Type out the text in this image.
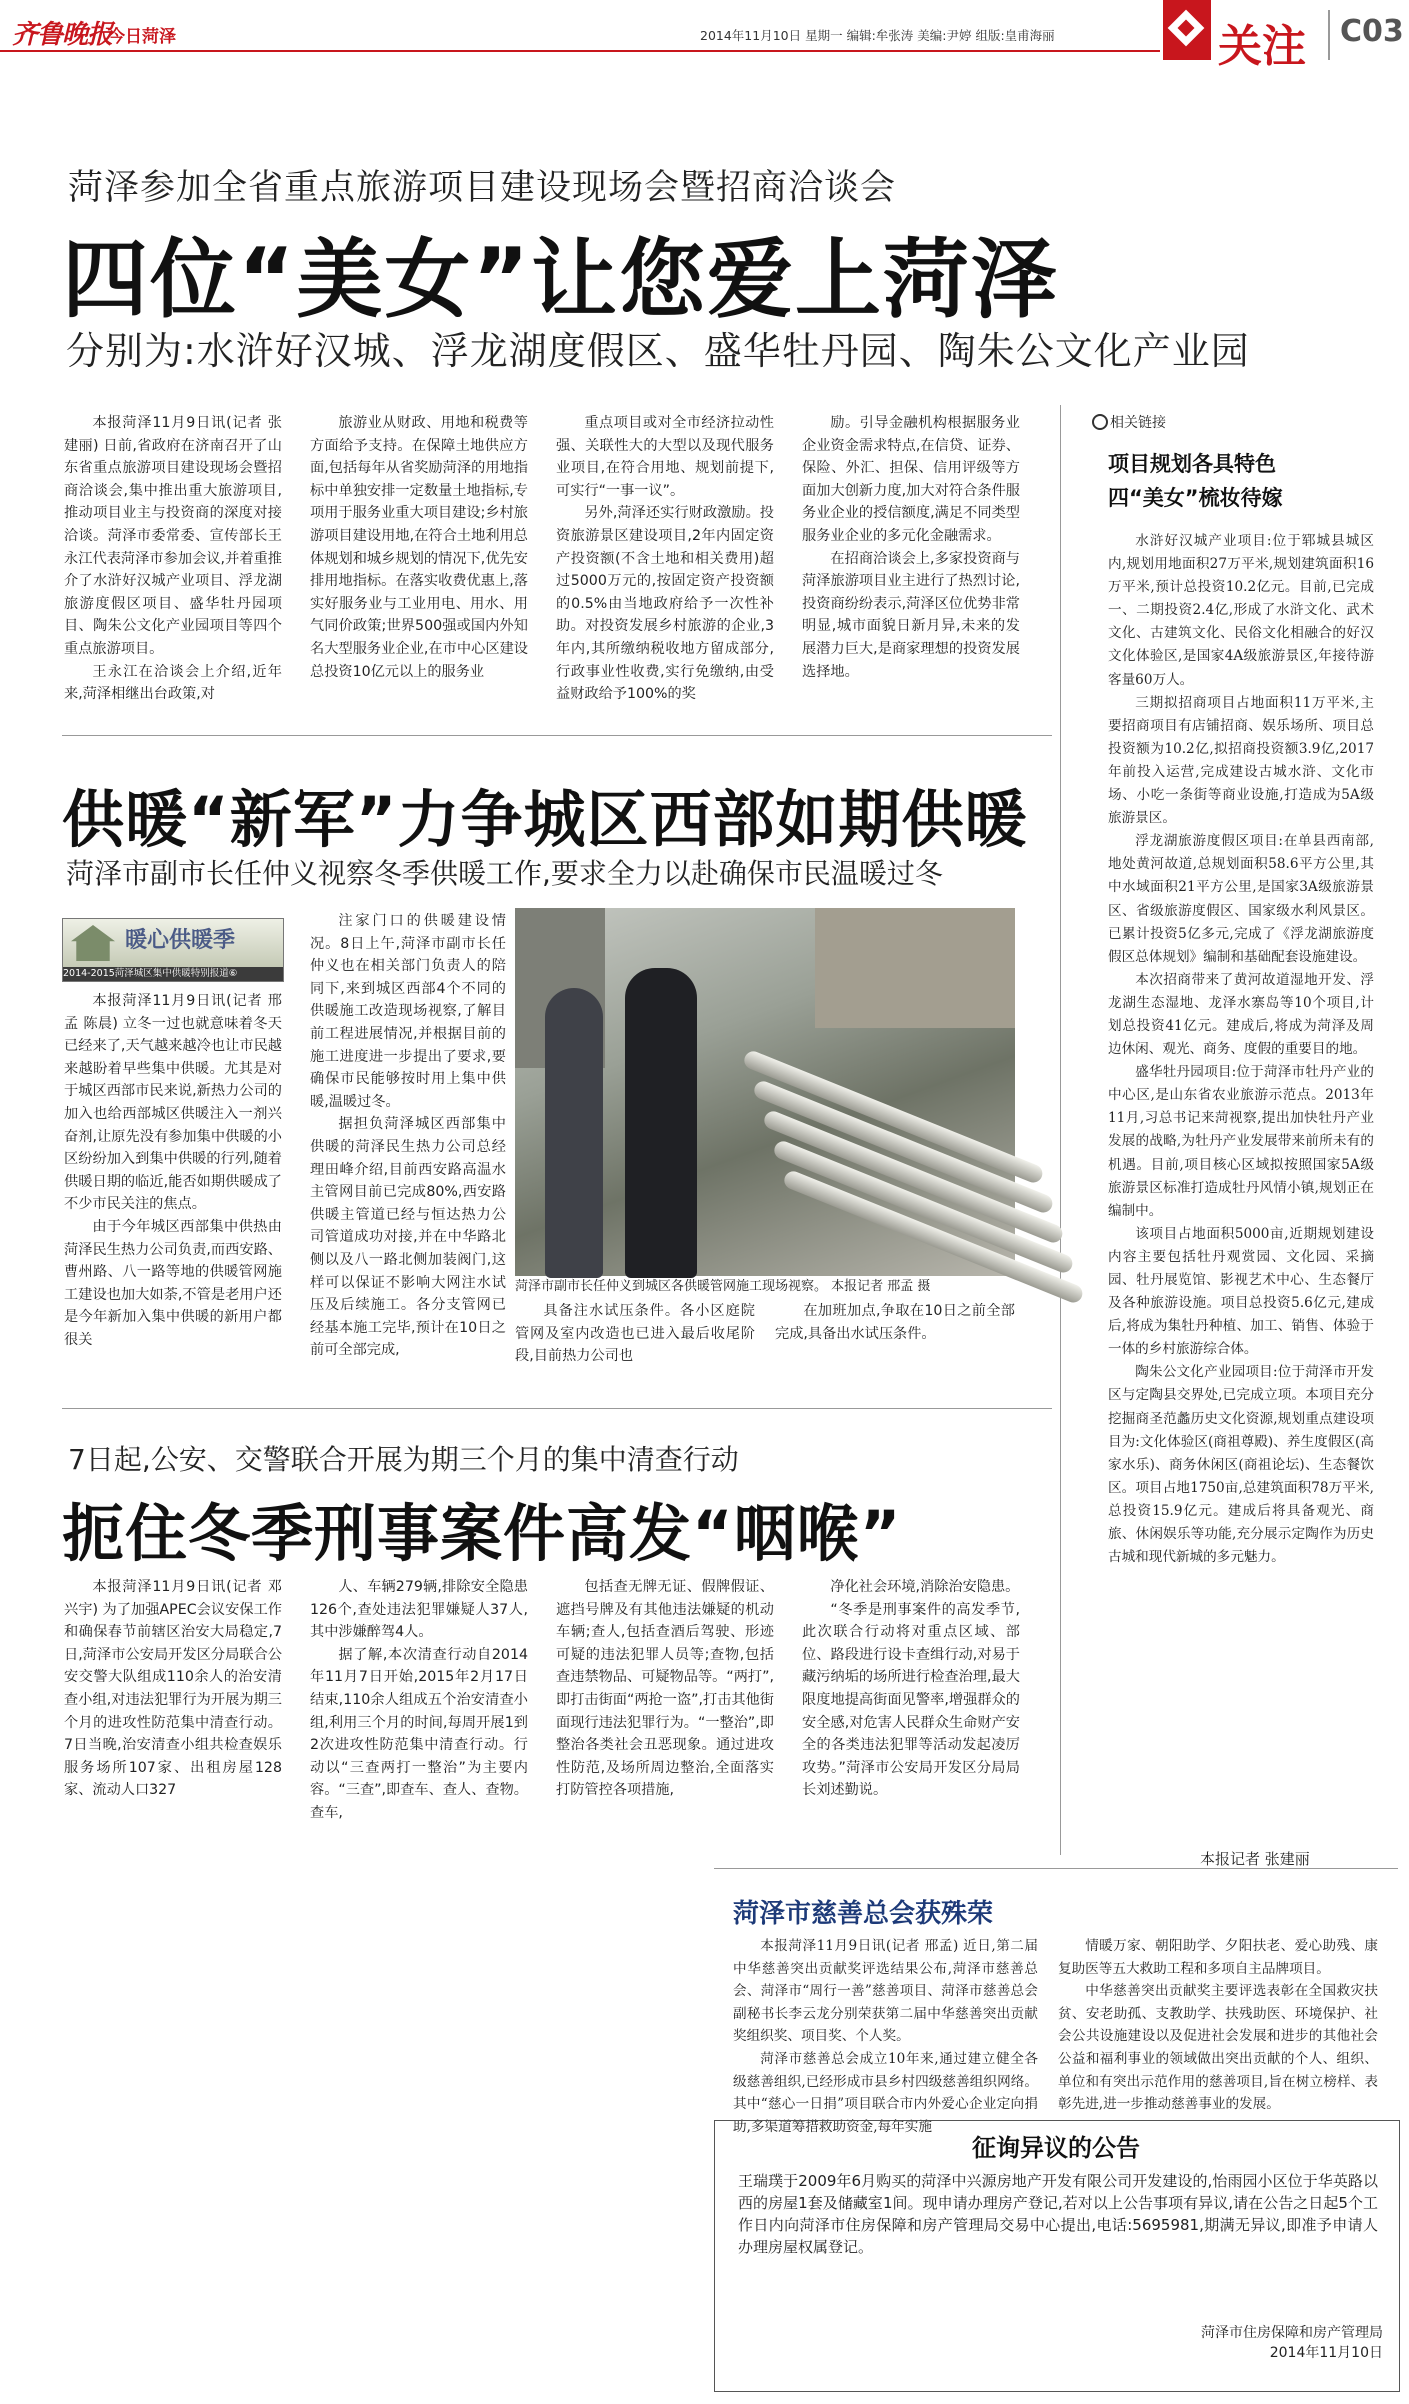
齐鲁晚报
今日菏泽	2014年11月10日 星期一 编辑:牟张涛 美编:尹婷 组版:皇甫海丽	关注 C03
菏泽参加全省重点旅游项目建设现场会暨招商洽谈会
四位“美女”让您爱上菏泽
分别为:水浒好汉城、浮龙湖度假区、盛华牡丹园、陶朱公文化产业园

本报菏泽11月9日讯(记者 张建丽) 日前,省政府在济南召开了山东省重点旅游项目建设现场会暨招商洽谈会,集中推出重大旅游项目,推动项目业主与投资商的深度对接洽谈。菏泽市委常委、宣传部长王永江代表菏泽市参加会议,并着重推介了水浒好汉城产业项目、浮龙湖旅游度假区项目、盛华牡丹园项目、陶朱公文化产业园项目等四个重点旅游项目。

王永江在洽谈会上介绍,近年来,菏泽相继出台政策,对

旅游业从财政、用地和税费等方面给予支持。在保障土地供应方面,包括每年从省奖励菏泽的用地指标中单独安排一定数量土地指标,专项用于服务业重大项目建设;乡村旅游项目建设用地,在符合土地利用总体规划和城乡规划的情况下,优先安排用地指标。在落实收费优惠上,落实好服务业与工业用电、用水、用气同价政策;世界500强或国内外知名大型服务业企业,在市中心区建设总投资10亿元以上的服务业

重点项目或对全市经济拉动性强、关联性大的大型以及现代服务业项目,在符合用地、规划前提下,可实行“一事一议”。

另外,菏泽还实行财政激励。投资旅游景区建设项目,2年内固定资产投资额(不含土地和相关费用)超过5000万元的,按固定资产投资额的0.5%由当地政府给予一次性补助。对投资发展乡村旅游的企业,3年内,其所缴纳税收地方留成部分,行政事业性收费,实行免缴纳,由受益财政给予100%的奖

励。引导金融机构根据服务业企业资金需求特点,在信贷、证券、保险、外汇、担保、信用评级等方面加大创新力度,加大对符合条件服务业企业的授信额度,满足不同类型服务业企业的多元化金融需求。

在招商洽谈会上,多家投资商与菏泽旅游项目业主进行了热烈讨论,投资商纷纷表示,菏泽区位优势非常明显,城市面貌日新月异,未来的发展潜力巨大,是商家理想的投资发展选择地。

相关链接
项目规划各具特色
四“美女”梳妆待嫁

水浒好汉城产业项目:位于郓城县城区内,规划用地面积27万平米,规划建筑面积16万平米,预计总投资10.2亿元。目前,已完成一、二期投资2.4亿,形成了水浒文化、武术文化、古建筑文化、民俗文化相融合的好汉文化体验区,是国家4A级旅游景区,年接待游客量60万人。

三期拟招商项目占地面积11万平米,主要招商项目有店铺招商、娱乐场所、项目总投资额为10.2亿,拟招商投资额3.9亿,2017年前投入运营,完成建设古城水浒、文化市场、小吃一条街等商业设施,打造成为5A级旅游景区。

浮龙湖旅游度假区项目:在单县西南部,地处黄河故道,总规划面积58.6平方公里,其中水域面积21平方公里,是国家3A级旅游景区、省级旅游度假区、国家级水利风景区。已累计投资5亿多元,完成了《浮龙湖旅游度假区总体规划》编制和基础配套设施建设。

本次招商带来了黄河故道湿地开发、浮龙湖生态湿地、龙泽水寨岛等10个项目,计划总投资41亿元。建成后,将成为菏泽及周边休闲、观光、商务、度假的重要目的地。

盛华牡丹园项目:位于菏泽市牡丹产业的中心区,是山东省农业旅游示范点。2013年11月,习总书记来菏视察,提出加快牡丹产业发展的战略,为牡丹产业发展带来前所未有的机遇。目前,项目核心区域拟按照国家5A级旅游景区标准打造成牡丹风情小镇,规划正在编制中。

该项目占地面积5000亩,近期规划建设内容主要包括牡丹观赏园、文化园、采摘园、牡丹展览馆、影视艺术中心、生态餐厅及各种旅游设施。项目总投资5.6亿元,建成后,将成为集牡丹种植、加工、销售、体验于一体的乡村旅游综合体。

陶朱公文化产业园项目:位于菏泽市开发区与定陶县交界处,已完成立项。本项目充分挖掘商圣范蠡历史文化资源,规划重点建设项目为:文化体验区(商祖尊殿)、养生度假区(高家水乐)、商务休闲区(商祖论坛)、生态餐饮区。项目占地1750亩,总建筑面积78万平米,总投资15.9亿元。建成后将具备观光、商旅、休闲娱乐等功能,充分展示定陶作为历史古城和现代新城的多元魅力。

本报记者 张建丽
供暖“新军”力争城区西部如期供暖
菏泽市副市长任仲义视察冬季供暖工作,要求全力以赴确保市民温暖过冬
暖心供暖季
2014-2015菏泽城区集中供暖特别报道⑥

本报菏泽11月9日讯(记者 邢孟 陈晨) 立冬一过也就意味着冬天已经来了,天气越来越冷也让市民越来越盼着早些集中供暖。尤其是对于城区西部市民来说,新热力公司的加入也给西部城区供暖注入一剂兴奋剂,让原先没有参加集中供暖的小区纷纷加入到集中供暖的行列,随着供暖日期的临近,能否如期供暖成了不少市民关注的焦点。

由于今年城区西部集中供热由菏泽民生热力公司负责,而西安路、曹州路、八一路等地的供暖管网施工建设也加大如荼,不管是老用户还是今年新加入集中供暖的新用户都很关

注家门口的供暖建设情况。8日上午,菏泽市副市长任仲义也在相关部门负责人的陪同下,来到城区西部4个不同的供暖施工改造现场视察,了解目前工程进展情况,并根据目前的施工进度进一步提出了要求,要确保市民能够按时用上集中供暖,温暖过冬。

据担负菏泽城区西部集中供暖的菏泽民生热力公司总经理田峰介绍,目前西安路高温水主管网目前已完成80%,西安路供暖主管道已经与恒达热力公司管道成功对接,并在中华路北侧以及八一路北侧加装阀门,这样可以保证不影响大网注水试压及后续施工。各分支管网已经基本施工完毕,预计在10日之前可全部完成,

菏泽市副市长任仲义到城区各供暖管网施工现场视察。 本报记者 邢孟 摄

具备注水试压条件。各小区庭院管网及室内改造也已进入最后收尾阶段,目前热力公司也

在加班加点,争取在10日之前全部完成,具备出水试压条件。

7日起,公安、交警联合开展为期三个月的集中清查行动
扼住冬季刑事案件高发“咽喉”

本报菏泽11月9日讯(记者 邓兴宇) 为了加强APEC会议安保工作和确保春节前辖区治安大局稳定,7日,菏泽市公安局开发区分局联合公安交警大队组成110余人的治安清查小组,对违法犯罪行为开展为期三个月的进攻性防范集中清查行动。7日当晚,治安清查小组共检查娱乐服务场所107家、出租房屋128家、流动人口327

人、车辆279辆,排除安全隐患126个,查处违法犯罪嫌疑人37人,其中涉嫌醉驾4人。

据了解,本次清查行动自2014年11月7日开始,2015年2月17日结束,110余人组成五个治安清查小组,利用三个月的时间,每周开展1到2次进攻性防范集中清查行动。行动以“三查两打一整治”为主要内容。“三查”,即查车、查人、查物。查车,

包括查无牌无证、假牌假证、遮挡号牌及有其他违法嫌疑的机动车辆;查人,包括查酒后驾驶、形迹可疑的违法犯罪人员等;查物,包括查违禁物品、可疑物品等。“两打”,即打击街面“两抢一盗”,打击其他街面现行违法犯罪行为。“一整治”,即整治各类社会丑恶现象。通过进攻性防范,及场所周边整治,全面落实打防管控各项措施,

净化社会环境,消除治安隐患。

“冬季是刑事案件的高发季节,此次联合行动将对重点区域、部位、路段进行设卡查缉行动,对易于藏污纳垢的场所进行检查治理,最大限度地提高街面见警率,增强群众的安全感,对危害人民群众生命财产安全的各类违法犯罪等活动发起凌厉攻势。”菏泽市公安局开发区分局局长刘述勤说。

菏泽市慈善总会获殊荣

本报菏泽11月9日讯(记者 邢孟) 近日,第二届中华慈善突出贡献奖评选结果公布,菏泽市慈善总会、菏泽市“周行一善”慈善项目、菏泽市慈善总会副秘书长李云龙分别荣获第二届中华慈善突出贡献奖组织奖、项目奖、个人奖。

菏泽市慈善总会成立10年来,通过建立健全各级慈善组织,已经形成市县乡村四级慈善组织网络。其中“慈心一日捐”项目联合市内外爱心企业定向捐助,多渠道筹措救助资金,每年实施

情暖万家、朝阳助学、夕阳扶老、爱心助残、康复助医等五大救助工程和多项自主品牌项目。

中华慈善突出贡献奖主要评选表彰在全国救灾扶贫、安老助孤、支教助学、扶残助医、环境保护、社会公共设施建设以及促进社会发展和进步的其他社会公益和福利事业的领域做出突出贡献的个人、组织、单位和有突出示范作用的慈善项目,旨在树立榜样、表彰先进,进一步推动慈善事业的发展。

征询异议的公告
王瑞璞于2009年6月购买的菏泽中兴源房地产开发有限公司开发建设的,怡雨园小区位于华英路以西的房屋1套及储藏室1间。现申请办理房产登记,若对以上公告事项有异议,请在公告之日起5个工作日内向菏泽市住房保障和房产管理局交易中心提出,电话:5695981,期满无异议,即准予申请人办理房屋权属登记。
菏泽市住房保障和房产管理局
2014年11月10日
